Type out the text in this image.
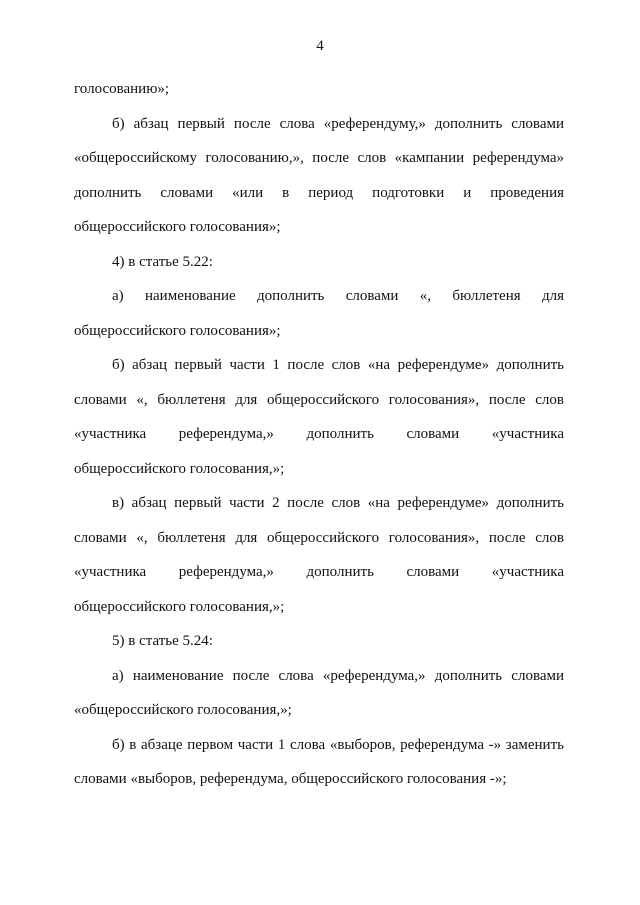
4

голосованию»;

б) абзац первый после слова «референдуму,» дополнить словами «общероссийскому голосованию,», после слов «кампании референдума» дополнить словами «или в период подготовки и проведения общероссийского голосования»;

4) в статье 5.22:

а) наименование дополнить словами «, бюллетеня для общероссийского голосования»;

б) абзац первый части 1 после слов «на референдуме» дополнить словами «, бюллетеня для общероссийского голосования», после слов «участника референдума,» дополнить словами «участника общероссийского голосования,»;

в) абзац первый части 2 после слов «на референдуме» дополнить словами «, бюллетеня для общероссийского голосования», после слов «участника референдума,» дополнить словами «участника общероссийского голосования,»;

5) в статье 5.24:

а) наименование после слова «референдума,» дополнить словами «общероссийского голосования,»;

б) в абзаце первом части 1 слова «выборов, референдума -» заменить словами «выборов, референдума, общероссийского голосования -»;
